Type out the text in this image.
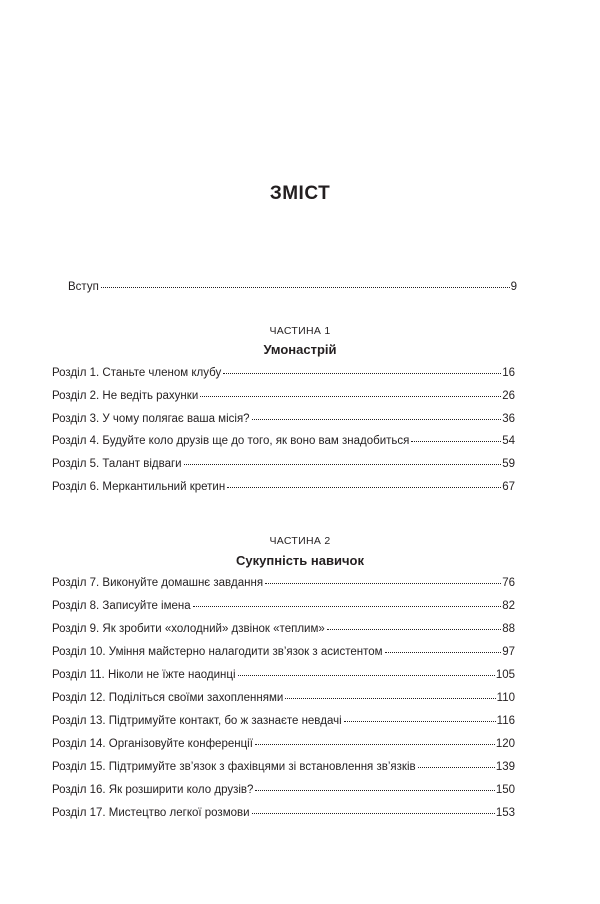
ЗМІСТ
Вступ	9
ЧАСТИНА 1
Умонастрій
Розділ 1. Станьте членом клубу	16
Розділ 2. Не ведіть рахунки	26
Розділ 3. У чому полягає ваша місія?	36
Розділ 4. Будуйте коло друзів ще до того, як воно вам знадобиться	54
Розділ 5. Талант відваги	59
Розділ 6. Меркантильний кретин	67
ЧАСТИНА 2
Сукупність навичок
Розділ 7. Виконуйте домашнє завдання	76
Розділ 8. Записуйте імена	82
Розділ 9. Як зробити «холодний» дзвінок «теплим»	88
Розділ 10. Уміння майстерно налагодити зв’язок з асистентом	97
Розділ 11. Ніколи не їжте наодинці	105
Розділ 12. Поділіться своїми захопленнями	110
Розділ 13. Підтримуйте контакт, бо ж зазнаєте невдачі	116
Розділ 14. Організовуйте конференції	120
Розділ 15. Підтримуйте зв’язок з фахівцями зі встановлення зв’язків	139
Розділ 16. Як розширити коло друзів?	150
Розділ 17. Мистецтво легкої розмови	153
